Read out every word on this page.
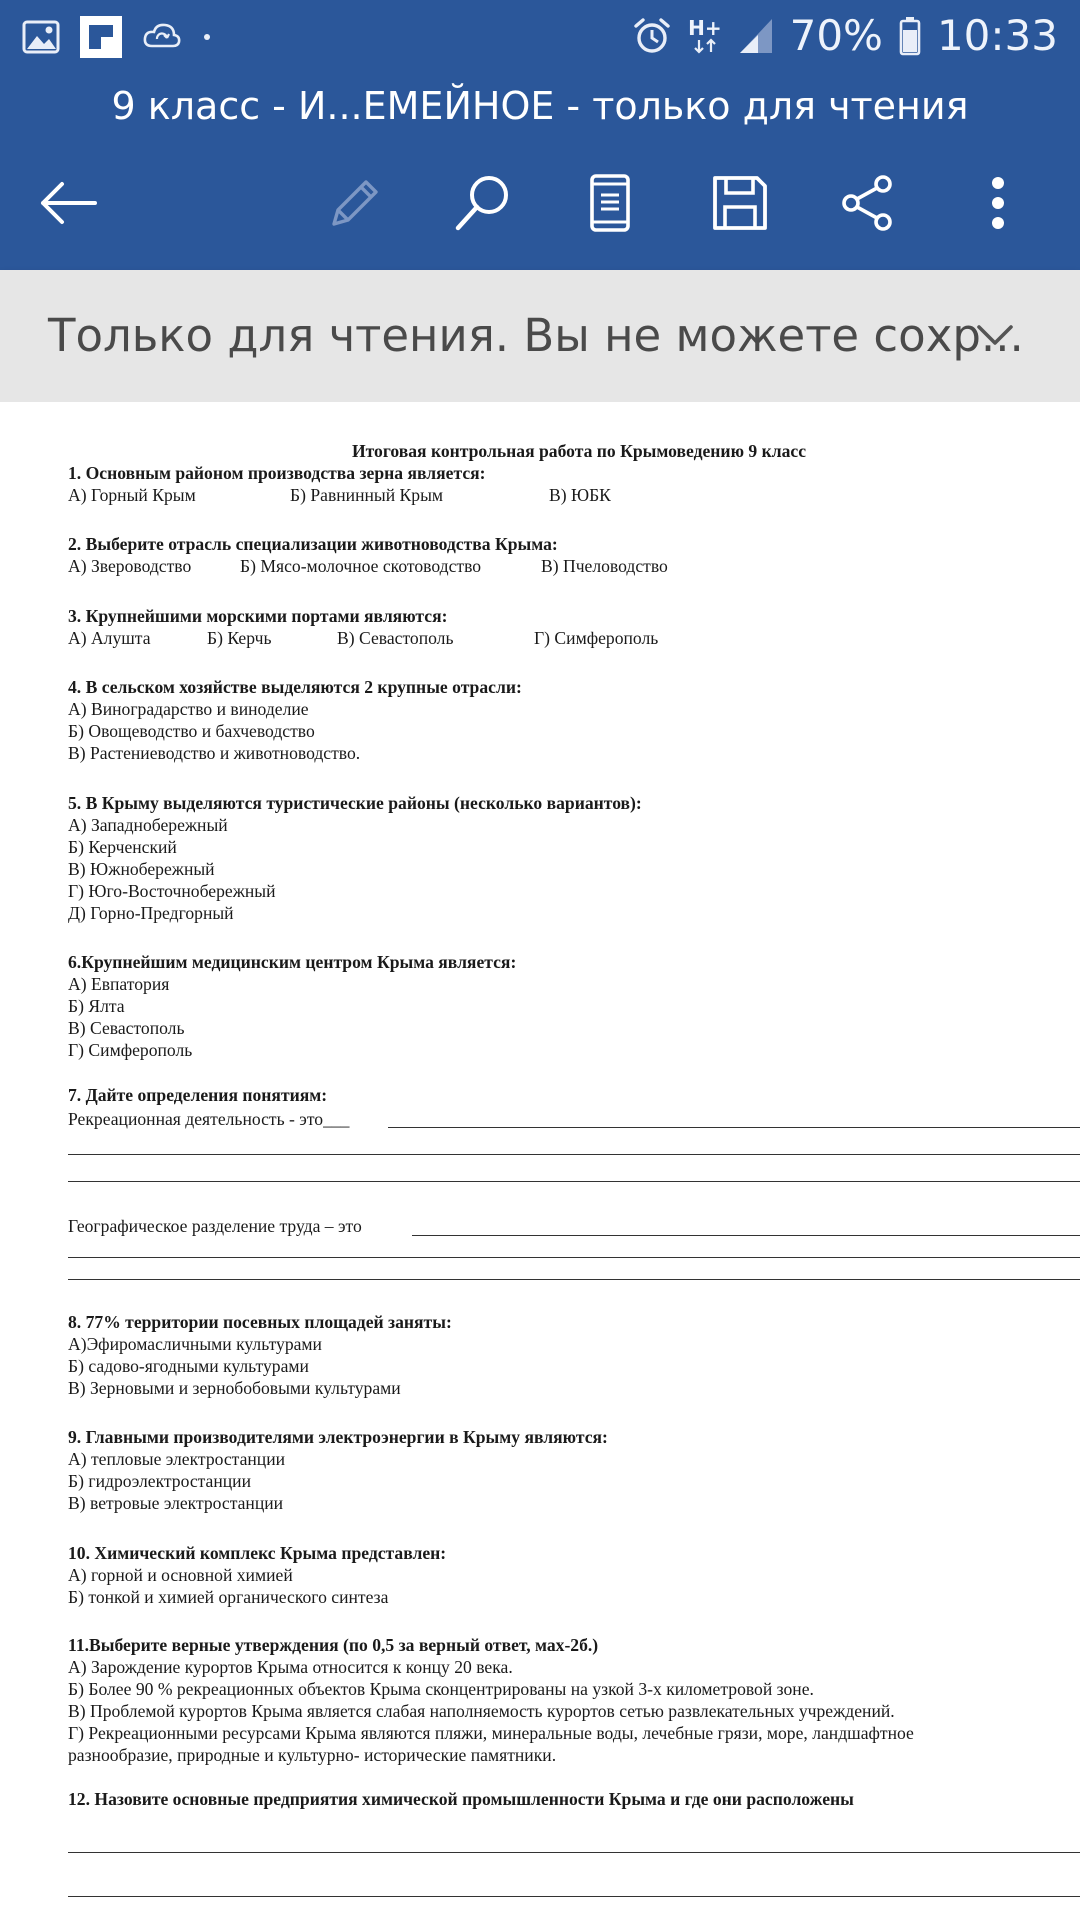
H+ 70% 10:33
9 класс - И...ЕМЕЙНОЕ - только для чтения
Только для чтения. Вы не можете сохр...
Итоговая контрольная работа по Крымоведению 9 класс
1. Основным районом производства зерна является:
А) Горный Крым	Б) Равнинный Крым	В) ЮБК
2. Выберите отрасль специализации животноводства Крыма:
А) Звероводство	Б) Мясо-молочное скотоводство	В) Пчеловодство
3. Крупнейшими морскими портами являются:
А) Алушта	Б) Керчь	В) Севастополь	Г) Симферополь
4. В сельском хозяйстве выделяются 2 крупные отрасли:
А) Виноградарство и виноделие
Б) Овощеводство и бахчеводство
В) Растениеводство и животноводство.
5. В Крыму выделяются туристические районы (несколько вариантов):
А) Западнобережный
Б) Керченский
В) Южнобережный
Г) Юго-Восточнобережный
Д) Горно-Предгорный
6.Крупнейшим медицинским центром Крыма является:
А) Евпатория
Б) Ялта
В) Севастополь
Г) Симферополь
7. Дайте определения понятиям:
Рекреационная деятельность - это___
Географическое разделение труда – это
8. 77% территории посевных площадей заняты:
А)Эфиромасличными культурами
Б) садово-ягодными культурами
В) Зерновыми и зернобобовыми культурами
9. Главными производителями электроэнергии в Крыму являются:
А) тепловые электростанции
Б) гидроэлектростанции
В) ветровые электростанции
10. Химический комплекс Крыма представлен:
А) горной и основной химией
Б) тонкой и химией органического синтеза
11.Выберите верные утверждения (по 0,5 за верный ответ, мах-2б.)
А) Зарождение курортов Крыма относится к концу 20 века.
Б) Более 90 % рекреационных объектов Крыма сконцентрированы на узкой 3-х километровой зоне.
В) Проблемой курортов Крыма является слабая наполняемость курортов сетью развлекательных учреждений.
Г) Рекреационными ресурсами Крыма являются пляжи, минеральные воды, лечебные грязи, море, ландшафтное
разнообразие, природные и культурно- исторические памятники.
12. Назовите основные предприятия химической промышленности Крыма и где они расположены
